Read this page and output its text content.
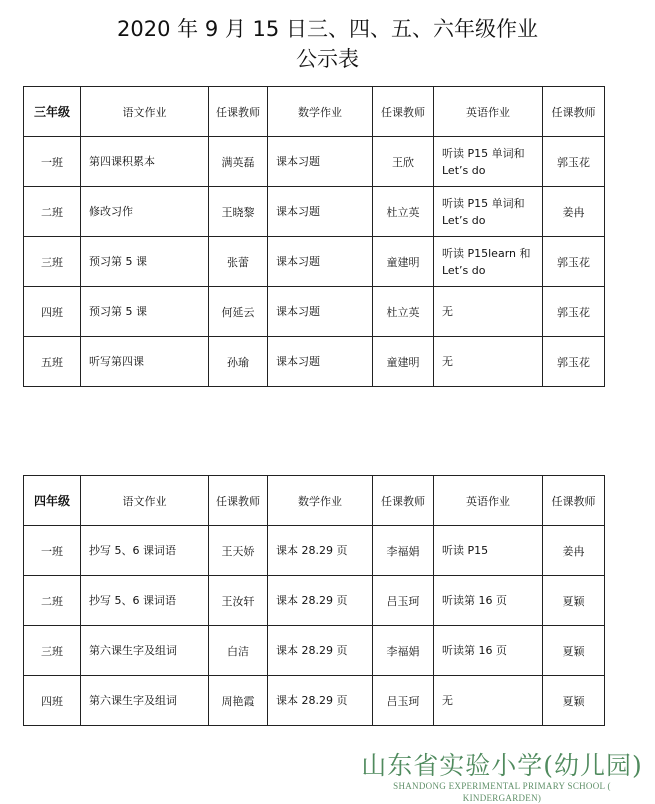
2020 年 9 月 15 日三、四、五、六年级作业
公示表
三年级	语文作业	任课教师	数学作业	任课教师	英语作业	任课教师
一班	第四课积累本	满英磊	课本习题	王欣	听读 P15 单词和 Let’s do	郭玉花
二班	修改习作	王晓黎	课本习题	杜立英	听读 P15 单词和 Let’s do	姜冉
三班	预习第 5 课	张蕾	课本习题	童建明	听读 P15learn 和 Let’s do	郭玉花
四班	预习第 5 课	何延云	课本习题	杜立英	无	郭玉花
五班	听写第四课	孙瑜	课本习题	童建明	无	郭玉花
四年级	语文作业	任课教师	数学作业	任课教师	英语作业	任课教师
一班	抄写 5、6 课词语	王天娇	课本 28.29 页	李福娟	听读 P15	姜冉
二班	抄写 5、6 课词语	王汝轩	课本 28.29 页	吕玉珂	听读第 16 页	夏颖
三班	第六课生字及组词	白洁	课本 28.29 页	李福娟	听读第 16 页	夏颖
四班	第六课生字及组词	周艳霞	课本 28.29 页	吕玉珂	无	夏颖
山东省实验小学(幼儿园)
SHANDONG EXPERIMENTAL PRIMARY SCHOOL ( KINDERGARDEN)
